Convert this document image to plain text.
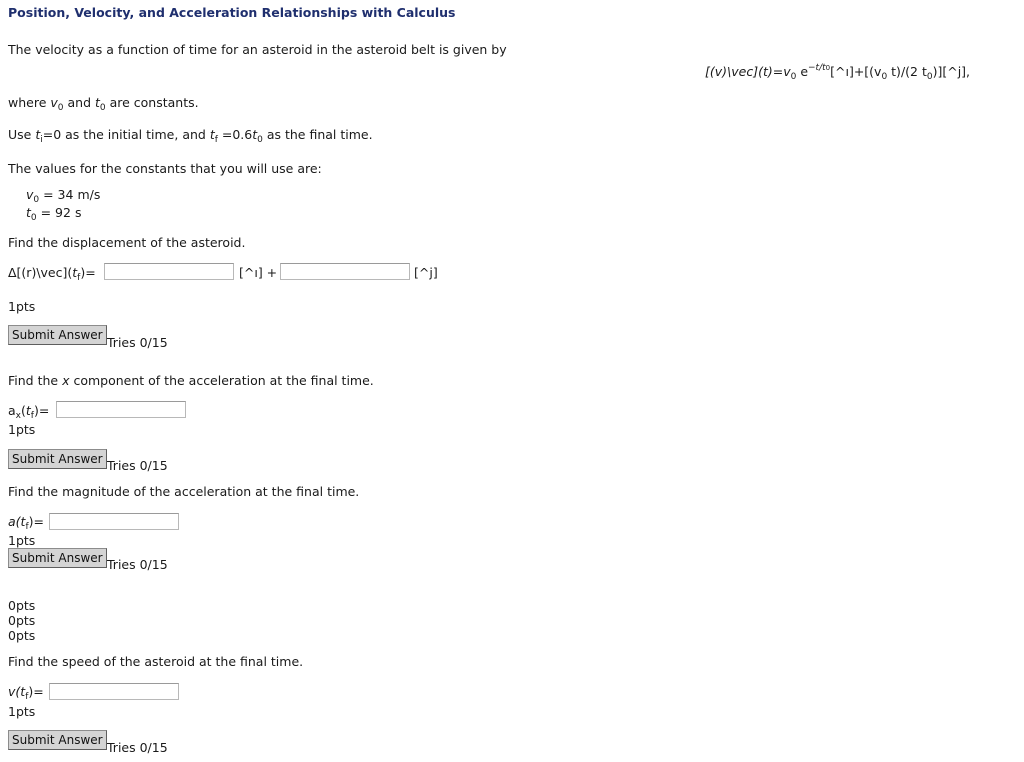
Position, Velocity, and Acceleration Relationships with Calculus
The velocity as a function of time for an asteroid in the asteroid belt is given by
$[(v)\backslash vec](t)=v_0$ $e^{-t/t0}[\^{}ı]+[(v_0$ t)/(2 $t_0)][\^{}j]$,
where $v_0$ and $t_0$ are constants.
Use $t_i=0$ as the initial time, and $t_f =0.6t_0$ as the final time.
The values for the constants that you will use are:
$v_0 = 34$ m/s
$t_0 = 92$ s
Find the displacement of the asteroid.
$\Delta[(r)\backslash vec](t_f)=$	[^ı] +	[^j]
1pts
Submit Answer Tries 0/15
Find the x component of the acceleration at the final time.
$a_x(t_f)=$
1pts
Submit Answer Tries 0/15
Find the magnitude of the acceleration at the final time.
$a(t_f)=$
1pts
Submit Answer Tries 0/15
0pts
0pts
0pts
Find the speed of the asteroid at the final time.
$v(t_f)=$
1pts
Submit Answer Tries 0/15
